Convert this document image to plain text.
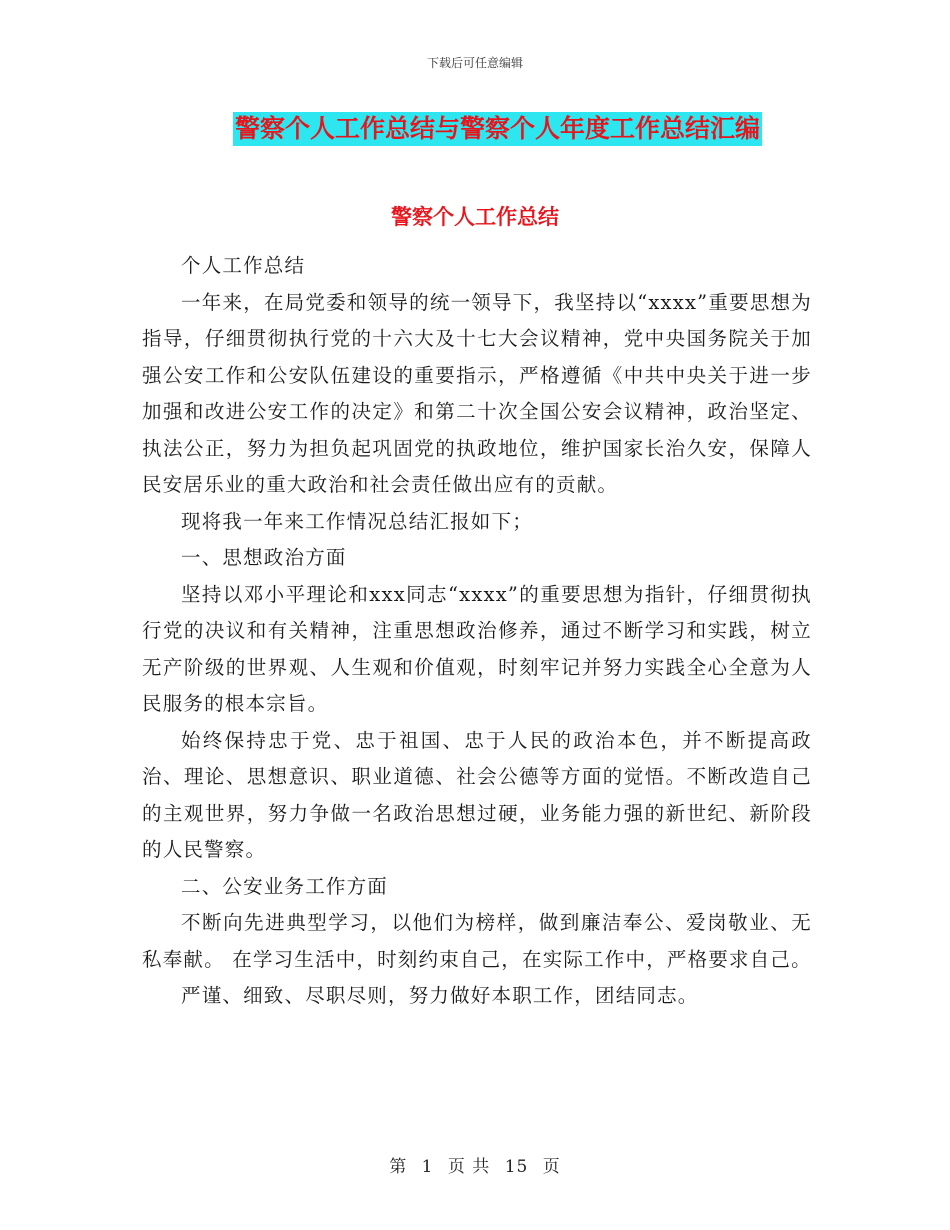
下载后可任意编辑
警察个人工作总结与警察个人年度工作总结汇编
警察个人工作总结

个人工作总结

一年来，在局党委和领导的统一领导下，我坚持以“xxxx”重要思想为指导，仔细贯彻执行党的十六大及十七大会议精神，党中央国务院关于加强公安工作和公安队伍建设的重要指示，严格遵循《中共中央关于进一步加强和改进公安工作的决定》和第二十次全国公安会议精神，政治坚定、执法公正，努力为担负起巩固党的执政地位，维护国家长治久安，保障人民安居乐业的重大政治和社会责任做出应有的贡献。

现将我一年来工作情况总结汇报如下；

一、思想政治方面

坚持以邓小平理论和xxx同志“xxxx”的重要思想为指针，仔细贯彻执行党的决议和有关精神，注重思想政治修养，通过不断学习和实践，树立无产阶级的世界观、人生观和价值观，时刻牢记并努力实践全心全意为人民服务的根本宗旨。

始终保持忠于党、忠于祖国、忠于人民的政治本色，并不断提高政治、理论、思想意识、职业道德、社会公德等方面的觉悟。不断改造自己的主观世界，努力争做一名政治思想过硬，业务能力强的新世纪、新阶段的人民警察。

二、公安业务工作方面

不断向先进典型学习，以他们为榜样，做到廉洁奉公、爱岗敬业、无私奉献。 在学习生活中，时刻约束自己，在实际工作中，严格要求自己。

严谨、细致、尽职尽则，努力做好本职工作，团结同志。

第 1 页 共 15 页
